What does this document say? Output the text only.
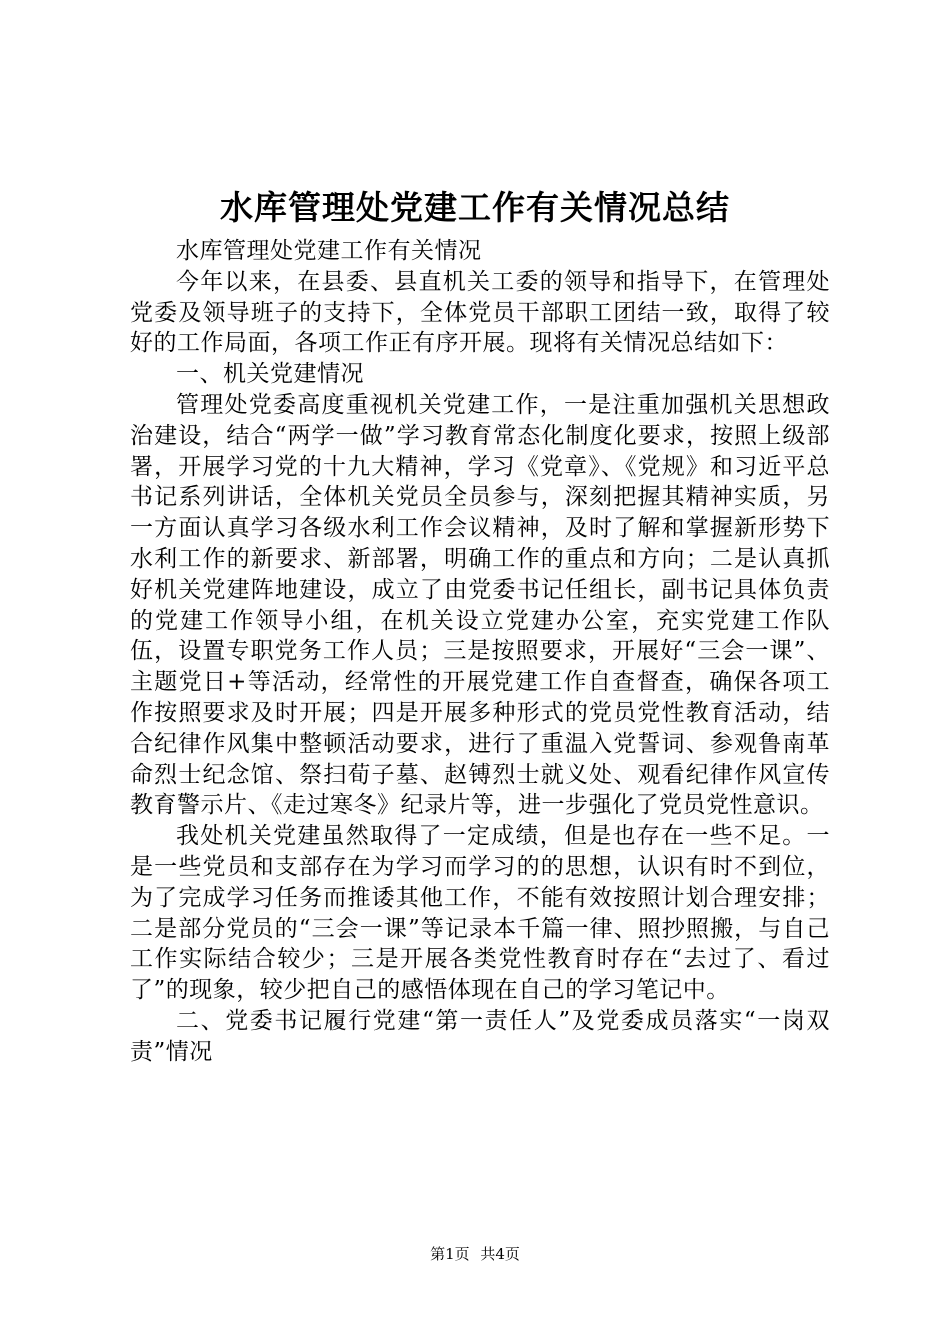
水库管理处党建工作有关情况总结

水库管理处党建工作有关情况

今年以来，在县委、县直机关工委的领导和指导下，在管理处党委及领导班子的支持下，全体党员干部职工团结一致，取得了较好的工作局面，各项工作正有序开展。现将有关情况总结如下：

一、机关党建情况

管理处党委高度重视机关党建工作，一是注重加强机关思想政治建设，结合“两学一做”学习教育常态化制度化要求，按照上级部署，开展学习党的十九大精神，学习《党章》、《党规》和习近平总书记系列讲话，全体机关党员全员参与，深刻把握其精神实质，另一方面认真学习各级水利工作会议精神，及时了解和掌握新形势下水利工作的新要求、新部署，明确工作的重点和方向；二是认真抓好机关党建阵地建设，成立了由党委书记任组长，副书记具体负责的党建工作领导小组，在机关设立党建办公室，充实党建工作队伍，设置专职党务工作人员；三是按照要求，开展好“三会一课”、主题党日+等活动，经常性的开展党建工作自查督查，确保各项工作按照要求及时开展；四是开展多种形式的党员党性教育活动，结合纪律作风集中整顿活动要求，进行了重温入党誓词、参观鲁南革命烈士纪念馆、祭扫荀子墓、赵镈烈士就义处、观看纪律作风宣传教育警示片、《走过寒冬》纪录片等，进一步强化了党员党性意识。

我处机关党建虽然取得了一定成绩，但是也存在一些不足。一是一些党员和支部存在为学习而学习的的思想，认识有时不到位，为了完成学习任务而推诿其他工作，不能有效按照计划合理安排；二是部分党员的“三会一课”等记录本千篇一律、照抄照搬，与自己工作实际结合较少；三是开展各类党性教育时存在“去过了、看过了”的现象，较少把自己的感悟体现在自己的学习笔记中。

二、党委书记履行党建“第一责任人”及党委成员落实“一岗双责”情况

第1页 共4页
